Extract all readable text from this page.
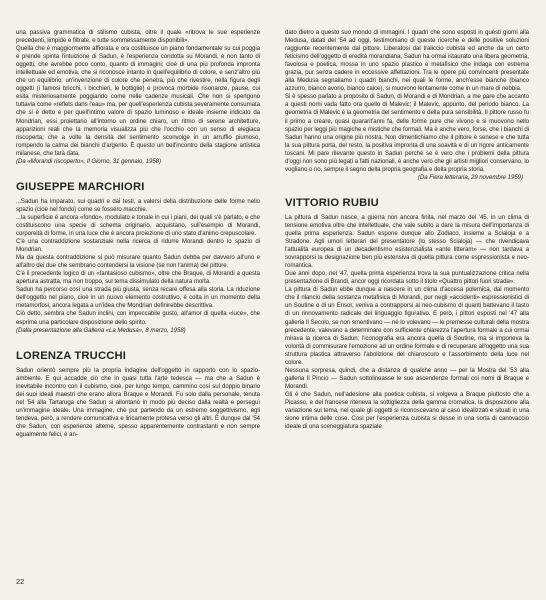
una passiva grammatica di stilismo cubista, oltre il quale «ritrova le sue esperienze precedenti, limpide e filtrate, e tutte sommessamente disponibili».

Quella che è maggiormente affiorata e ora costituisce un piano fondamentale su cui poggia e prende spinta l'intuizione di Sadun, è l'esperienza condotta su Morandi, e non tanto di oggetti, che avrebbe poco conto, quanto di immagini; cioè di una più profonda impronta intellettuale ed emotiva, che si riconosce intanto in quell'equilibrio di colore, e senz'altro più che un equilibrio: un'invenzione di colore che penetra, più che rivestire, nella figura degli oggetti (i famosi bricchi, i bicchieri, le bottiglie) e provoca morbide risonanze, pause, cui esita misteriosamente poggiando come nelle cadenze musicali. Che non si spengono tuttavia come «reflets dans l'eau» ma, per quell'esperienza cubista severamente consumata che si è detto e per quell'intimo valore di spazio luminoso e ideale insieme indicato da Mondrian, essi proiettano all'intorno un ordine chiaro, un ritmo di serene architetture, apparizioni reali che la memoria visualizza più che l'occhio con un senso di elegiaca riscoperta; che a volte la densità del sentimento sconvolge in un arruffio piumoso, rompendo la calma dei bianchi d'argento. È questo un bell'incontro della stagione artistica milanese, che farà data.

(Da «Morandi riscoperto», Il Giorno, 31 gennaio, 1958)

GIUSEPPE MARCHIORI

...Sadun ha imparato, sui quadri e dai testi, a valersi della distribuzione delle forme nello spazio (cioè nel fondo) come se fossero macchie.

...la superficie è ancora «fondo», modulato e tonale in cui i piani, dei quali s'è parlato, e che costituiscono una specie di schema originario, acquistano, sull'esempio di Morandi, corporeità di forme, in una luce che è ancora proiezione di uno stato d'animo crepuscolare.

C'è una contraddizione sostanziale nella ricerca di ridurre Morandi dentro lo spazio di Mondrian.

Ma da questa contraddizione si può misurare quanto Sadun debba per davvero all'uno e all'altro dei due che sembrano contendersi la visione (se non l'anima) del pittore.

C'è il precedente logico di un «fantasioso cubismo», oltre che Braque, di Morandi a questa apertura astratta, ma non troppo, sul tema dissimulato della natura morta.

Sadun ha percorso così una strada più giusta, senza recare offesa alla storia. La riduzione dell'oggetto nel piano, cioè in un nuovo elemento costruttivo, è colta in un momento della metamorfosi, ancora legata a un'idea che Mondrian definirebbe descrittiva.

Ciò detto, sembra che Sadun inclini, con impeccabile gusto, all'amor di quella «luce», che esprime una particolare disposizione dello spirito.

(Dalla presentazione alla Galleria «La Medusa», 8 marzo, 1958)

LORENZA TRUCCHI

Sadun orientò sempre più la propria indagine dell'oggetto in rapporto con lo spazio-ambiente. E qui accadde ciò che in quasi tutta l'arte tedesca — ma che a Sadun è inevitabile incontro con il cubismo, cioè, per lungo tempo, cammino così sul doppio binario dei suoi ideali maestri che erano allora Braque e Morandi. Fu solo dalla personale, tenuta nel '54 alla Tartaruga che Sadun si allontanò in modo più deciso dalla realtà e perseguì un'immagine ideale. Una immagine, che pur partendo da un estremo soggettivismo, egli tendeva, però, a rendere comunicativa e liricamente protesa verso gli altri. È dunque dal '54 che Sadun, con esperienze alterne, spesso apparentemente contrastanti e non sempre egualmente felici, è an-

dato dietro a questo suo mondo di immagini. I quadri che sono esposti in questi giorni alla Medusa, datati del '54 ad oggi, testimoniano di queste ricerche e delle positive soluzioni raggiunte recentemente dal pittore. Liberatosi dal traliccio cubista ed anche da un certo feticismo dell'oggetto di eredità morandiana, Sadun ha ormai istaurato una libera geometria, favolosa e poetica, mossa in uno spazio plastico e metafisico che indaga con estrema grazia, pur senza cadere in eccessive affettazioni. Tra le opere più convincenti presentate alla Medusa segnaliamo i quadri bianchi, nei quali le forme, anch'esse bianche (bianco azzurro, bianco avorio, bianco calce), si muovono lentamente come in un mare di nebbia.

Si è spesso parlato a proposito di Sadun, di Morandi e di Mondrian, a me pare che accanto a questi nomi vada fatto ora quello di Malevic; il Malevic, appunto, del periodo bianco. La geometria di Malevic è la geometria del sentimento e della pura sensibilità. Il pittore russo fu il primo a creare, quasi quarant'anni fa, delle forme pure che vivono e si muovono nello spazio per leggi più magiche e mistiche che formali. Ma è anche vero, forse, che i bianchi di Sadun hanno una origine più nostra. Non dimentichiamo che il pittore è senese e che tutta la sua pittura porta, del resto, la positiva impronta di una soavità e di un rigore anticamente toscani. Mi pare rilevante questo in Sadun perché se è vero che i problemi della pittura d'oggi non sono più legati a fatti nazionali, è anche vero che gli artisti migliori conservano, lo vogliano o no, sempre il segno della propria geografia e della propria storia.

(Da Fiera letteraria, 29 novembre 1959)

VITTORIO RUBIU

La pittura di Sadun nasce, a guerra non ancora finita, nel marzo del '45, in un clima di tensione emotiva oltre che intellettuale, che vale subito a dare la misura dell'importanza di quella prima esperienza. Sadun espone dunque allo Zodiaco, insieme a Scialoja e a Stradone. Agli umori letterari del presentatore (lo stesso Scialoja) — che rivendicava l'attualità europea di un decadentismo esistenzialista «ante litteram» — non tardava a sovrapporsi la designazione ben più estensiva di quella pittura come espressionista e neo-romantica.

Due anni dopo, nel '47, quella prima esperienza trova la sua puntualizzazione critica nella presentazione di Brandi, ancor oggi ricordata sotto il titolo «Quattro pittori fuori strada».

La pittura di Sadun ebbe dunque a nascere in un clima d'accesa polemica, dal momento che il rilancio della sostanza metafisica di Morandi, pur negli «accidenti» espressionistici di un Soutine o di un Ensor, veniva a contrapporsi al neo-cubismo di quanti battevano il tasto di un rinnovamento radicale del linguaggio figurativo. E però, i pittori esposti nel '47 alla galleria Il Secolo, se non smentivano — né lo volevano — le premesse culturali della mostra precedente, valevano a determinare con sufficiente chiarezza l'apertura formale a cui ormai mirava la ricerca di Sadun: l'iconografia era ancora quella di Soutine, ma si imponeva la volontà di commisurare l'emozione ad un ordine formale e di recuperare all'oggetto una sua struttura plastica attraverso l'abolizione del chiaroscuro e l'assorbimento della luce nel colore.

Nessuna sorpresa, quindi, che a distanza di qualche anno — per la Mostra del '53 alla galleria Il Pincio — Sadun sottolineasse le sue ascendenze formali coi nomi di Braque e Morandi.

Gli è che Sadun, nell'adesione alla poetica cubista, si volgeva a Braque piuttosto che a Picasso, e del francese riteneva la sottigliezza della gamma cromatica, la disposizione alla variazione sul tema, nel quale gli oggetti si riconoscevano al caso idealizzati e situati in una sione intima delle cose. Così per l'esperienza cubista si desse in una sorta di canovaccio ideale di una sceneggiatura spaziale

22
